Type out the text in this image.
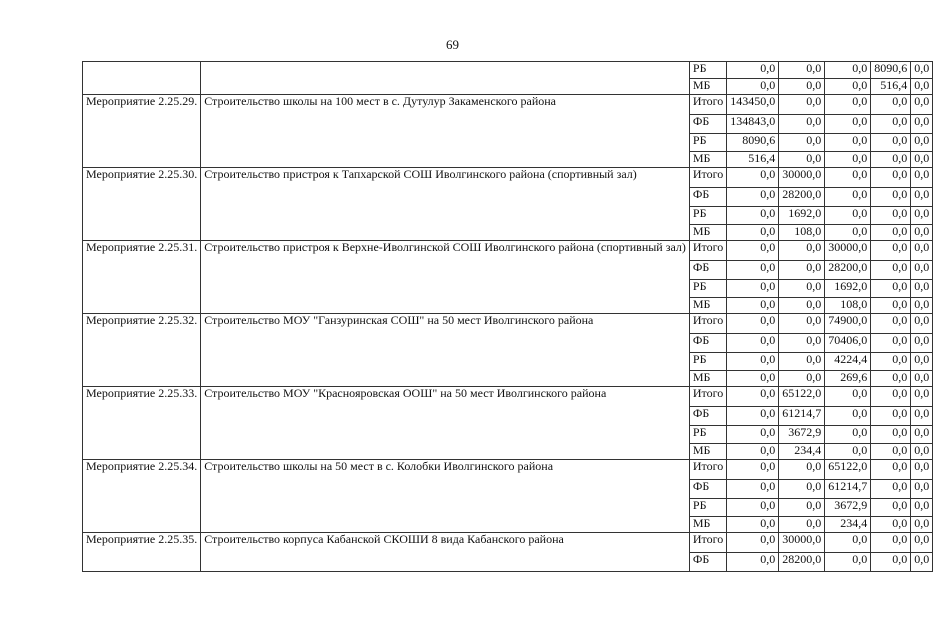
69
		РБ	0,0	0,0	0,0	8090,6	0,0
		МБ	0,0	0,0	0,0	516,4	0,0
Мероприятие 2.25.29.	Строительство школы на 100 мест в с. Дутулур Закаменского района	Итого	143450,0	0,0	0,0	0,0	0,0
		ФБ	134843,0	0,0	0,0	0,0	0,0
		РБ	8090,6	0,0	0,0	0,0	0,0
		МБ	516,4	0,0	0,0	0,0	0,0
Мероприятие 2.25.30.	Строительство пристроя к Тапхарской СОШ Иволгинского района (спортивный зал)	Итого	0,0	30000,0	0,0	0,0	0,0
		ФБ	0,0	28200,0	0,0	0,0	0,0
		РБ	0,0	1692,0	0,0	0,0	0,0
		МБ	0,0	108,0	0,0	0,0	0,0
Мероприятие 2.25.31.	Строительство пристроя к Верхне-Иволгинской СОШ Иволгинского района (спортивный зал)	Итого	0,0	0,0	30000,0	0,0	0,0
		ФБ	0,0	0,0	28200,0	0,0	0,0
		РБ	0,0	0,0	1692,0	0,0	0,0
		МБ	0,0	0,0	108,0	0,0	0,0
Мероприятие 2.25.32.	Строительство МОУ "Ганзуринская СОШ" на 50 мест Иволгинского района	Итого	0,0	0,0	74900,0	0,0	0,0
		ФБ	0,0	0,0	70406,0	0,0	0,0
		РБ	0,0	0,0	4224,4	0,0	0,0
		МБ	0,0	0,0	269,6	0,0	0,0
Мероприятие 2.25.33.	Строительство МОУ "Краснояровская ООШ" на 50 мест Иволгинского района	Итого	0,0	65122,0	0,0	0,0	0,0
		ФБ	0,0	61214,7	0,0	0,0	0,0
		РБ	0,0	3672,9	0,0	0,0	0,0
		МБ	0,0	234,4	0,0	0,0	0,0
Мероприятие 2.25.34.	Строительство школы на 50 мест в с. Колобки Иволгинского района	Итого	0,0	0,0	65122,0	0,0	0,0
		ФБ	0,0	0,0	61214,7	0,0	0,0
		РБ	0,0	0,0	3672,9	0,0	0,0
		МБ	0,0	0,0	234,4	0,0	0,0
Мероприятие 2.25.35.	Строительство корпуса Кабанской СКОШИ 8 вида Кабанского района	Итого	0,0	30000,0	0,0	0,0	0,0
		ФБ	0,0	28200,0	0,0	0,0	0,0
